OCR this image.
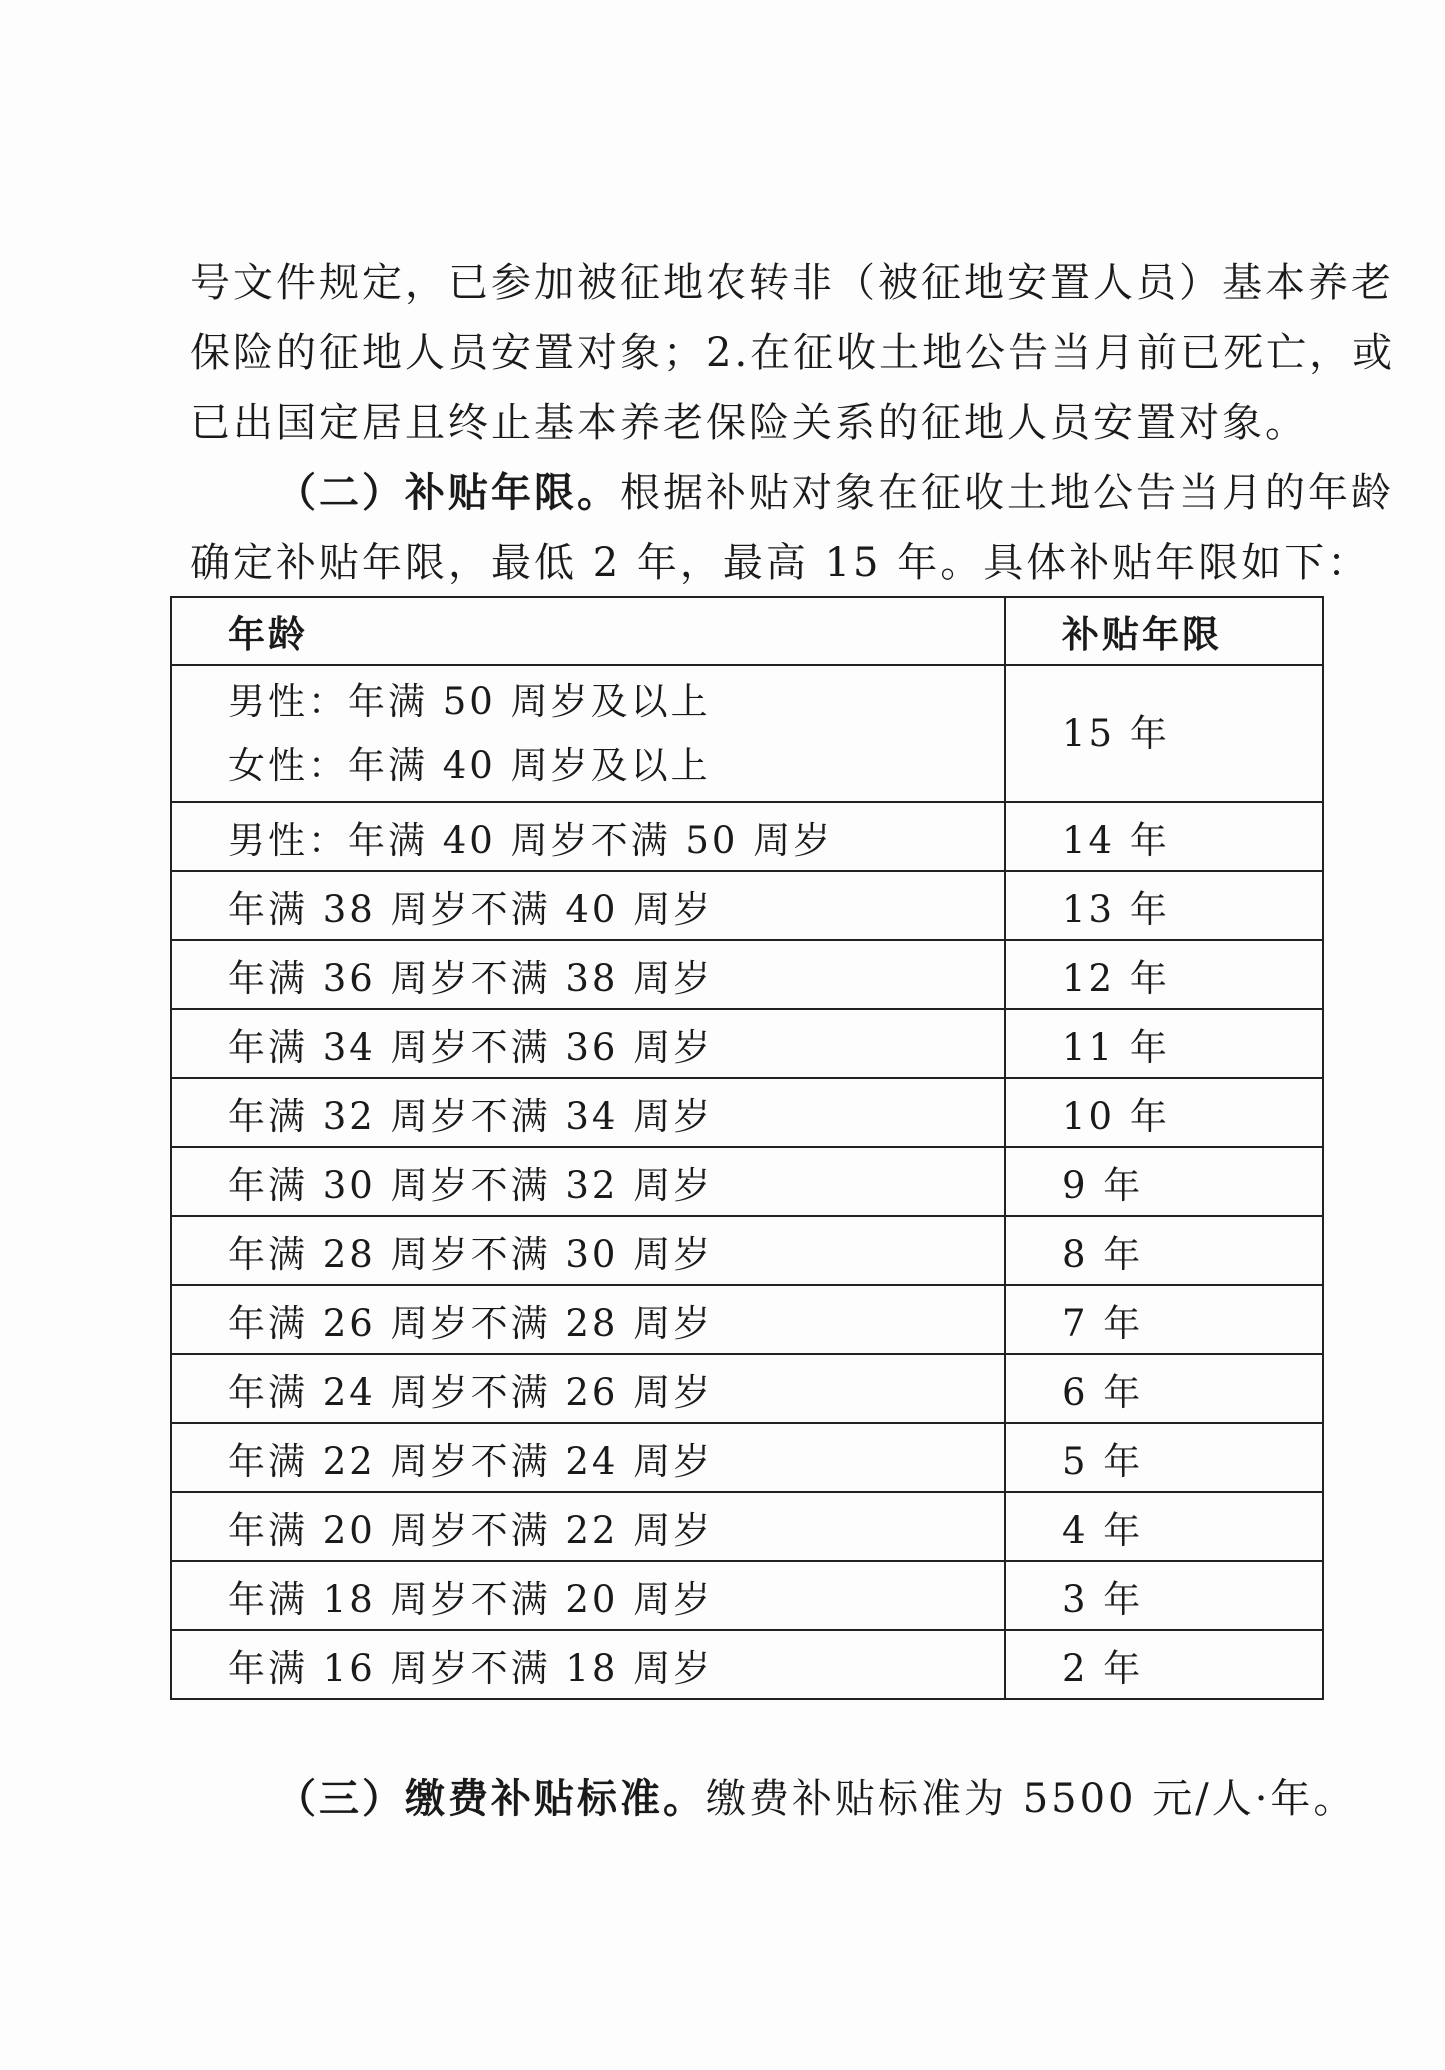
号文件规定，已参加被征地农转非（被征地安置人员）基本养老
保险的征地人员安置对象；2.在征收土地公告当月前已死亡，或
已出国定居且终止基本养老保险关系的征地人员安置对象。
（二）补贴年限。根据补贴对象在征收土地公告当月的年龄
确定补贴年限，最低 2 年，最高 15 年。具体补贴年限如下：
年龄	补贴年限

男性：年满 50 周岁及以上
女性：年满 40 周岁及以上	15 年
男性：年满 40 周岁不满 50 周岁	14 年
年满 38 周岁不满 40 周岁	13 年
年满 36 周岁不满 38 周岁	12 年
年满 34 周岁不满 36 周岁	11 年
年满 32 周岁不满 34 周岁	10 年
年满 30 周岁不满 32 周岁	9 年
年满 28 周岁不满 30 周岁	8 年
年满 26 周岁不满 28 周岁	7 年
年满 24 周岁不满 26 周岁	6 年
年满 22 周岁不满 24 周岁	5 年
年满 20 周岁不满 22 周岁	4 年
年满 18 周岁不满 20 周岁	3 年
年满 16 周岁不满 18 周岁	2 年
（三）缴费补贴标准。缴费补贴标准为 5500 元/人·年。
